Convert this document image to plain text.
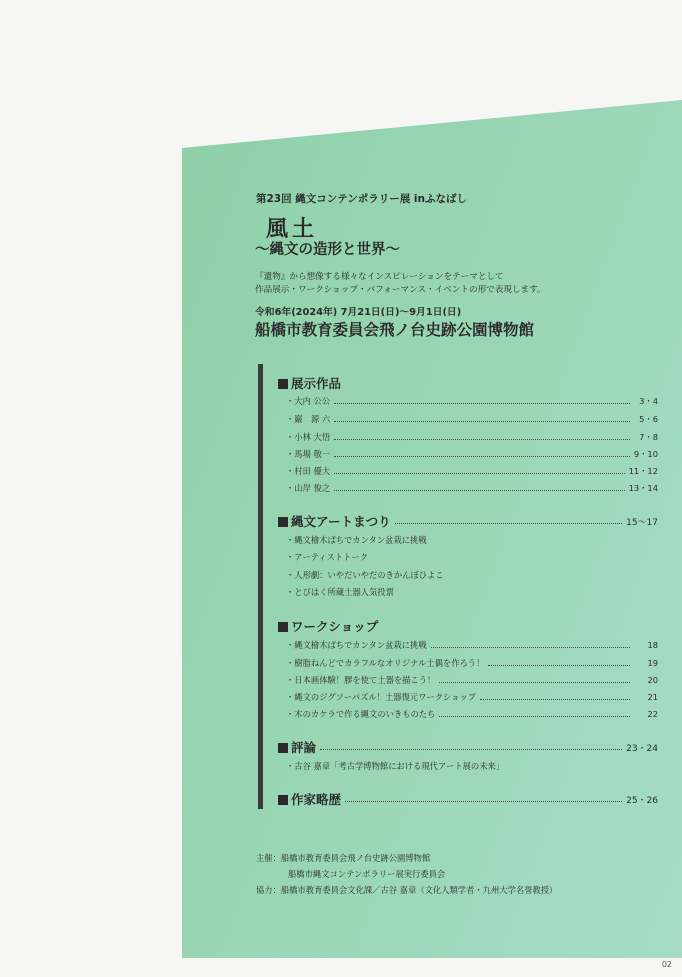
第23回 縄文コンテンポラリー展 inふなばし
風土
～縄文の造形と世界～
『遺物』から想像する様々なインスピレーションをテーマとして
作品展示・ワークショップ・パフォーマンス・イベントの形で表現します。
令和6年(2024年) 7月21日(日)～9月1日(日)
船橋市教育委員会飛ノ台史跡公園博物館
展示作品
・大内 公公	3・4
・巖　源 六	5・6
・小林 大悟	7・8
・馬場 敬一	9・10
・村田 優大	11・12
・山岸 俊之	13・14
縄文アートまつり	15～17
・縄文檜木ぱちでカンタン盆栽に挑戦
・アーティストトーク
・人形劇：いやだいやだのきかんぼひよこ
・とびはく所蔵土器人気投票
ワークショップ
・縄文檜木ぱちでカンタン盆栽に挑戦	18
・樹脂ねんどでカラフルなオリジナル土偶を作ろう！	19
・日本画体験！膠を使て土器を描こう！	20
・縄文のジグソーパズル！土器復元ワークショップ	21
・木のカケラで作る縄文のいきものたち	22
評論	23・24
・古谷 嘉章「考古学博物館における現代アート展の未来」
作家略歴	25・26
主催：船橋市教育委員会飛ノ台史跡公園博物館
船橋市縄文コンテンポラリー展実行委員会
協力：船橋市教育委員会文化課／古谷 嘉章（文化人類学者・九州大学名誉教授）
02
